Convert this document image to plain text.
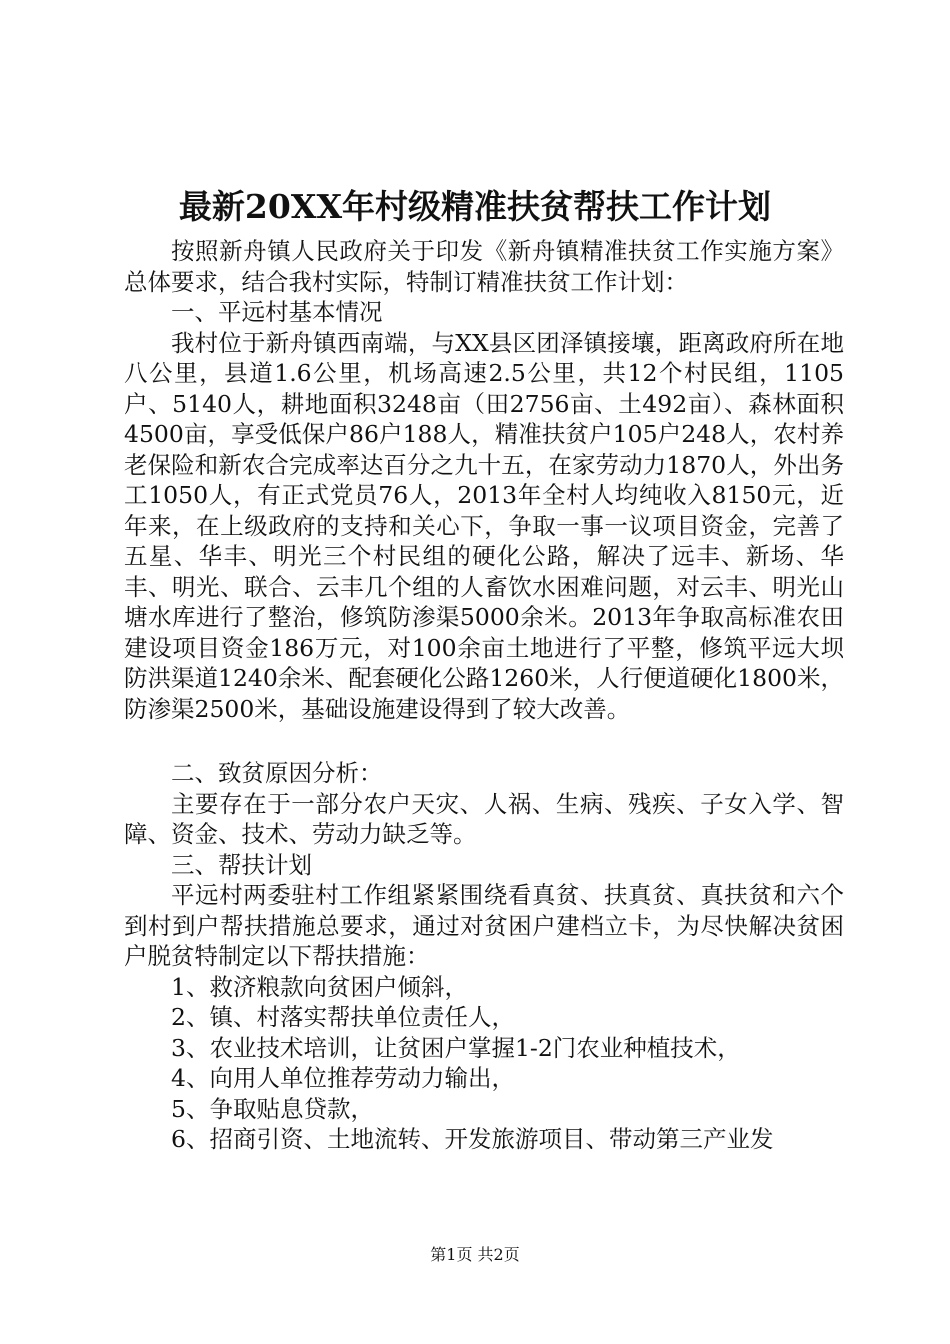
最新20XX年村级精准扶贫帮扶工作计划

按照新舟镇人民政府关于印发《新舟镇精准扶贫工作实施方案》总体要求，结合我村实际，特制订精准扶贫工作计划：

一、平远村基本情况

我村位于新舟镇西南端，与XX县区团泽镇接壤，距离政府所在地八公里，县道1.6公里，机场高速2.5公里，共12个村民组，1105户、5140人，耕地面积3248亩（田2756亩、土492亩）、森林面积4500亩，享受低保户86户188人，精准扶贫户105户248人，农村养老保险和新农合完成率达百分之九十五，在家劳动力1870人，外出务工1050人，有正式党员76人，2013年全村人均纯收入8150元，近年来，在上级政府的支持和关心下，争取一事一议项目资金，完善了五星、华丰、明光三个村民组的硬化公路，解决了远丰、新场、华丰、明光、联合、云丰几个组的人畜饮水困难问题，对云丰、明光山塘水库进行了整治，修筑防渗渠5000余米。2013年争取高标准农田建设项目资金186万元，对100余亩土地进行了平整，修筑平远大坝防洪渠道1240余米、配套硬化公路1260米，人行便道硬化1800米，防渗渠2500米，基础设施建设得到了较大改善。

二、致贫原因分析：

主要存在于一部分农户天灾、人祸、生病、残疾、子女入学、智障、资金、技术、劳动力缺乏等。

三、帮扶计划

平远村两委驻村工作组紧紧围绕看真贫、扶真贫、真扶贫和六个到村到户帮扶措施总要求，通过对贫困户建档立卡，为尽快解决贫困户脱贫特制定以下帮扶措施：

1、救济粮款向贫困户倾斜，

2、镇、村落实帮扶单位责任人，

3、农业技术培训，让贫困户掌握1-2门农业种植技术，

4、向用人单位推荐劳动力输出，

5、争取贴息贷款，

6、招商引资、土地流转、开发旅游项目、带动第三产业发

第1页 共2页
